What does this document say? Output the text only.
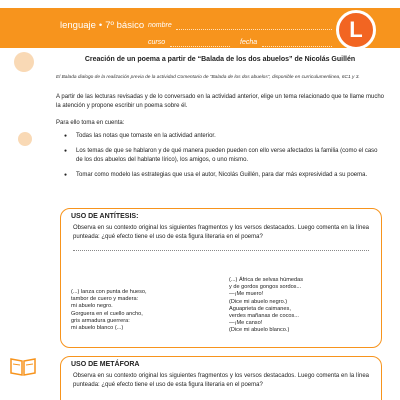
lenguaje • 7º básico nombre
curso	fecha
L
Creación de un poema a partir de “Balada de los dos abuelos” de Nicolás Guillén
El Balada dialogo de la realización previa de la actividad Comentario de “Balada de los dos abuelos”, disponible en curriculumenlinea, 6C1 y 3.
A partir de las lecturas revisadas y de lo conversado en la actividad anterior, elige un tema relacionado que te llame mucho la atención y propone escribir un poema sobre él.
Para ello toma en cuenta:
● Todas las notas que tomaste en la actividad anterior.
● Los temas de que se hablaron y de qué manera pueden pueden con ello verse afectados la familia (como el caso de los dos abuelos del hablante lírico), los amigos, o uno mismo.
● Tomar como modelo las estrategias que usa el autor, Nicolás Guillén, para dar más expresividad a su poema.
USO DE ANTÍTESIS:
Observa en su contexto original los siguientes fragmentos y los versos destacados. Luego comenta en la línea punteada: ¿qué efecto tiene el uso de esta figura literaria en el poema?
(...) lanza con punta de hueso,
tambor de cuero y madera:
mi abuelo negro.
Gorguera en el cuello ancho,
gris armadura guerrera:
mi abuelo blanco (...)
(...) África de selvas húmedas
y de gordos gongos sordos...
—¡Me muero!
(Dice mi abuelo negro.)
Aguaprieta de caimanes,
verdes mañanas de cocos...
—¡Me canso!
(Dice mi abuelo blanco.)
USO DE METÁFORA
Observa en su contexto original los siguientes fragmentos y los versos destacados. Luego comenta en la línea punteada: ¿qué efecto tiene el uso de esta figura literaria en el poema?
